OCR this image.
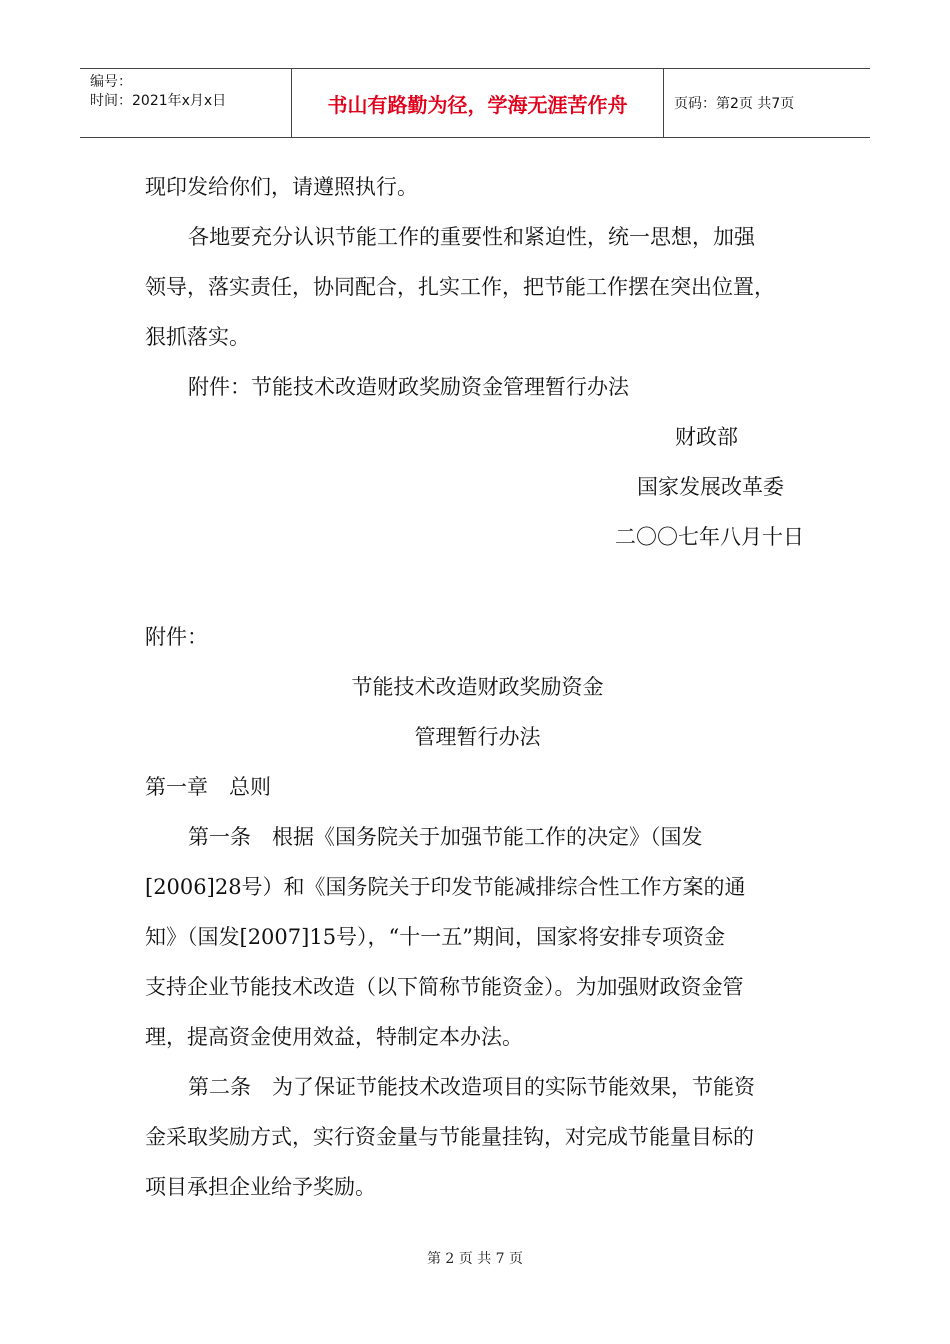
编号：
时间：2021年x月x日	书山有路勤为径，学海无涯苦作舟	页码：第2页 共7页

现印发给你们，请遵照执行。

各地要充分认识节能工作的重要性和紧迫性，统一思想，加强

领导，落实责任，协同配合，扎实工作，把节能工作摆在突出位置，

狠抓落实。

附件：节能技术改造财政奖励资金管理暂行办法

财政部

国家发展改革委

二〇〇七年八月十日

附件：

节能技术改造财政奖励资金

管理暂行办法

第一章　总则

第一条　根据《国务院关于加强节能工作的决定》（国发

[2006]28号）和《国务院关于印发节能减排综合性工作方案的通

知》（国发[2007]15号），“十一五”期间，国家将安排专项资金

支持企业节能技术改造（以下简称节能资金）。为加强财政资金管

理，提高资金使用效益，特制定本办法。

第二条　为了保证节能技术改造项目的实际节能效果，节能资

金采取奖励方式，实行资金量与节能量挂钩，对完成节能量目标的

项目承担企业给予奖励。

第 2 页 共 7 页
